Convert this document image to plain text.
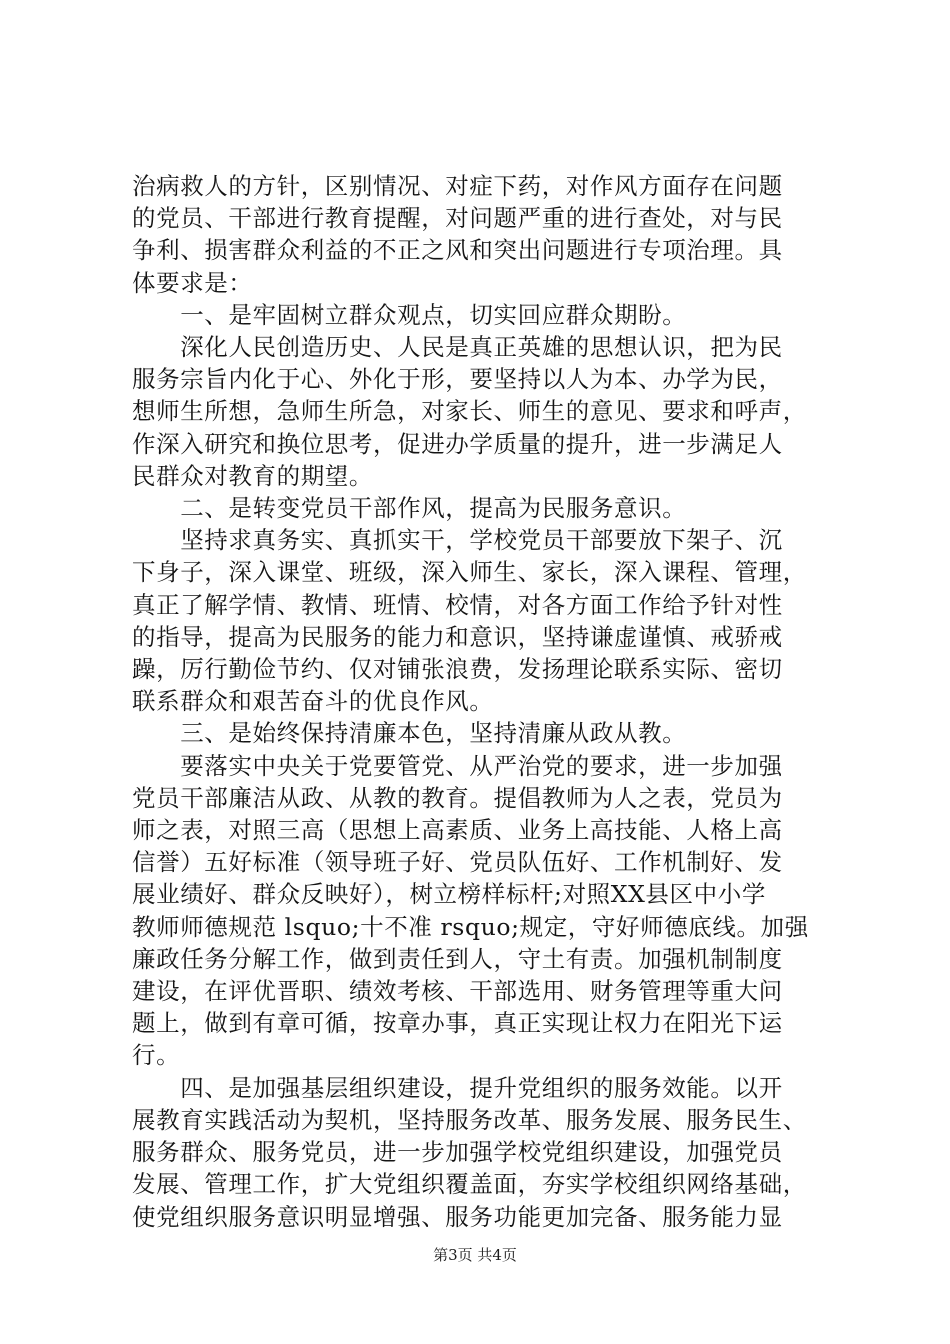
治病救人的方针，区别情况、对症下药，对作风方面存在问题
的党员、干部进行教育提醒，对问题严重的进行查处，对与民
争利、损害群众利益的不正之风和突出问题进行专项治理。具
体要求是：
　　一、是牢固树立群众观点，切实回应群众期盼。
　　深化人民创造历史、人民是真正英雄的思想认识，把为民
服务宗旨内化于心、外化于形，要坚持以人为本、办学为民，
想师生所想，急师生所急，对家长、师生的意见、要求和呼声，
作深入研究和换位思考，促进办学质量的提升，进一步满足人
民群众对教育的期望。
　　二、是转变党员干部作风，提高为民服务意识。
　　坚持求真务实、真抓实干，学校党员干部要放下架子、沉
下身子，深入课堂、班级，深入师生、家长，深入课程、管理，
真正了解学情、教情、班情、校情，对各方面工作给予针对性
的指导，提高为民服务的能力和意识，坚持谦虚谨慎、戒骄戒
躁，厉行勤俭节约、仅对铺张浪费，发扬理论联系实际、密切
联系群众和艰苦奋斗的优良作风。
　　三、是始终保持清廉本色，坚持清廉从政从教。
　　要落实中央关于党要管党、从严治党的要求，进一步加强
党员干部廉洁从政、从教的教育。提倡教师为人之表，党员为
师之表，对照三高（思想上高素质、业务上高技能、人格上高
信誉）五好标准（领导班子好、党员队伍好、工作机制好、发
展业绩好、群众反映好），树立榜样标杆;对照XX县区中小学
教师师德规范 lsquo;十不准 rsquo;规定，守好师德底线。加强
廉政任务分解工作，做到责任到人，守土有责。加强机制制度
建设，在评优晋职、绩效考核、干部选用、财务管理等重大问
题上，做到有章可循，按章办事，真正实现让权力在阳光下运
行。
　　四、是加强基层组织建设，提升党组织的服务效能。以开
展教育实践活动为契机，坚持服务改革、服务发展、服务民生、
服务群众、服务党员，进一步加强学校党组织建设，加强党员
发展、管理工作，扩大党组织覆盖面，夯实学校组织网络基础，
使党组织服务意识明显增强、服务功能更加完备、服务能力显
第3页 共4页
